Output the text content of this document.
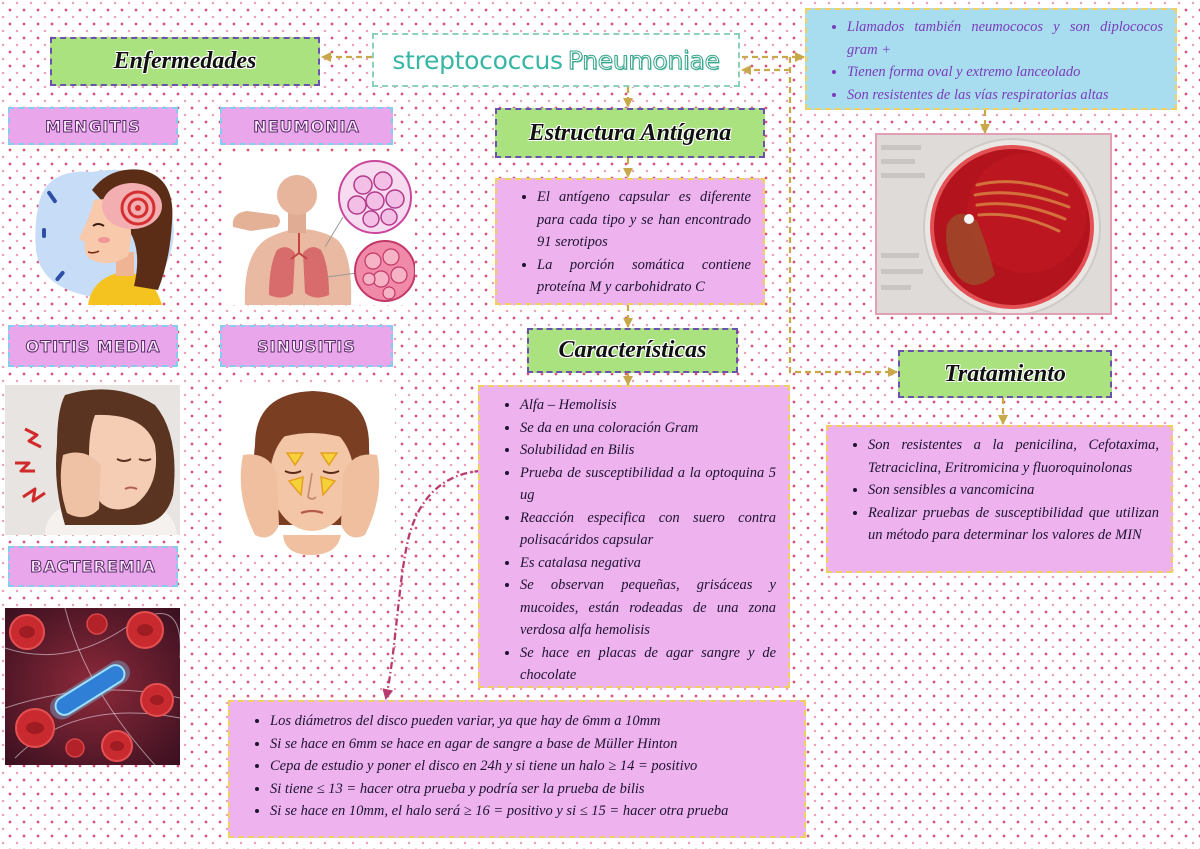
streptococcus Pneumoniae
Enfermedades
MENGITIS	NEUMONIA
OTITIS MEDIA	SINUSITIS
BACTEREMIA
Estructura Antígena
• El antígeno capsular es diferente para cada tipo y se han encontrado 91 serotipos
• La porción somática contiene proteína M y carbohidrato C
Características
• Alfa – Hemolisis
• Se da en una coloración Gram
• Solubilidad en Bilis
• Prueba de susceptibilidad a la optoquina 5 ug
• Reacción especifica con suero contra polisacáridos capsular
• Es catalasa negativa
• Se observan pequeñas, grisáceas y mucoides, están rodeadas de una zona verdosa alfa hemolisis
• Se hace en placas de agar sangre y de chocolate
• Los diámetros del disco pueden variar, ya que hay de 6mm a 10mm
• Si se hace en 6mm se hace en agar de sangre a base de Müller Hinton
• Cepa de estudio y poner el disco en 24h y si tiene un halo ≥ 14 = positivo
• Si tiene ≤ 13 = hacer otra prueba y podría ser la prueba de bilis
• Si se hace en 10mm, el halo será ≥ 16 = positivo y si ≤ 15 = hacer otra prueba
• Llamados también neumococos y son diplococos gram +
• Tienen forma oval y extremo lanceolado
• Son resistentes de las vías respiratorias altas
Tratamiento
• Son resistentes a la penicilina, Cefotaxima, Tetraciclina, Eritromicina y fluoroquinolonas
• Son sensibles a vancomicina
• Realizar pruebas de susceptibilidad que utilizan un método para determinar los valores de MIN
